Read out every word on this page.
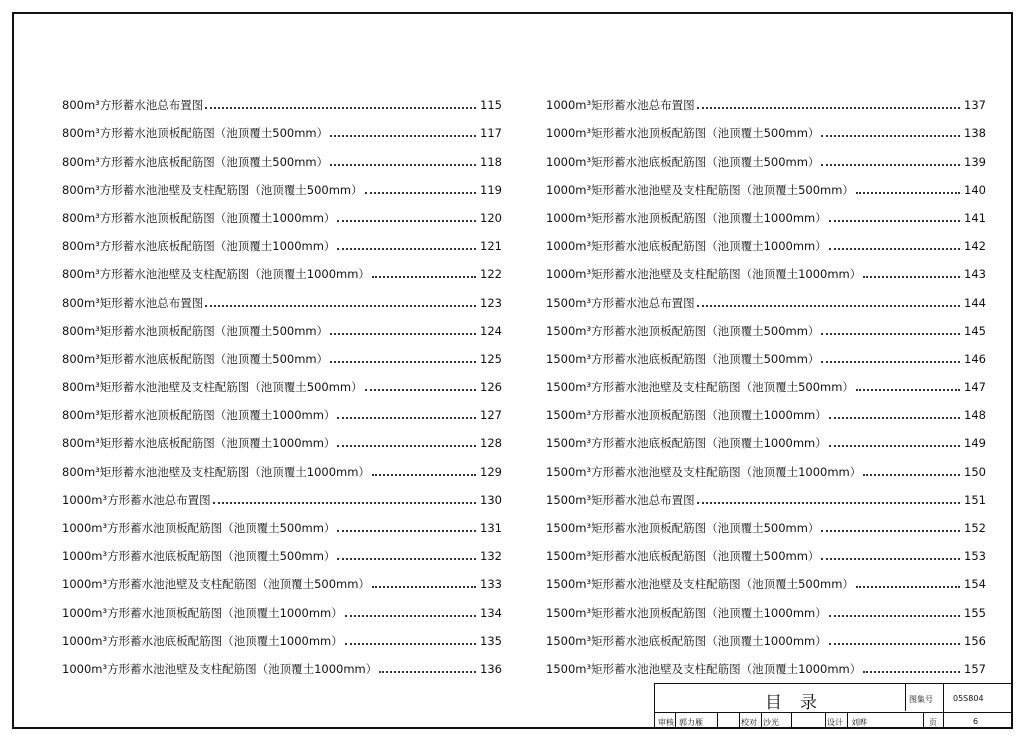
800m³方形蓄水池总布置图	115
800m³方形蓄水池顶板配筋图（池顶覆土500mm）	117
800m³方形蓄水池底板配筋图（池顶覆土500mm）	118
800m³方形蓄水池池壁及支柱配筋图（池顶覆土500mm）	119
800m³方形蓄水池顶板配筋图（池顶覆土1000mm）	120
800m³方形蓄水池底板配筋图（池顶覆土1000mm）	121
800m³方形蓄水池池壁及支柱配筋图（池顶覆土1000mm）	122
800m³矩形蓄水池总布置图	123
800m³矩形蓄水池顶板配筋图（池顶覆土500mm）	124
800m³矩形蓄水池底板配筋图（池顶覆土500mm）	125
800m³矩形蓄水池池壁及支柱配筋图（池顶覆土500mm）	126
800m³矩形蓄水池顶板配筋图（池顶覆土1000mm）	127
800m³矩形蓄水池底板配筋图（池顶覆土1000mm）	128
800m³矩形蓄水池池壁及支柱配筋图（池顶覆土1000mm）	129
1000m³方形蓄水池总布置图	130
1000m³方形蓄水池顶板配筋图（池顶覆土500mm）	131
1000m³方形蓄水池底板配筋图（池顶覆土500mm）	132
1000m³方形蓄水池池壁及支柱配筋图（池顶覆土500mm）	133
1000m³方形蓄水池顶板配筋图（池顶覆土1000mm）	134
1000m³方形蓄水池底板配筋图（池顶覆土1000mm）	135
1000m³方形蓄水池池壁及支柱配筋图（池顶覆土1000mm）	136
1000m³矩形蓄水池总布置图	137
1000m³矩形蓄水池顶板配筋图（池顶覆土500mm）	138
1000m³矩形蓄水池底板配筋图（池顶覆土500mm）	139
1000m³矩形蓄水池池壁及支柱配筋图（池顶覆土500mm）	140
1000m³矩形蓄水池顶板配筋图（池顶覆土1000mm）	141
1000m³矩形蓄水池底板配筋图（池顶覆土1000mm）	142
1000m³矩形蓄水池池壁及支柱配筋图（池顶覆土1000mm）	143
1500m³方形蓄水池总布置图	144
1500m³方形蓄水池顶板配筋图（池顶覆土500mm）	145
1500m³方形蓄水池底板配筋图（池顶覆土500mm）	146
1500m³方形蓄水池池壁及支柱配筋图（池顶覆土500mm）	147
1500m³方形蓄水池顶板配筋图（池顶覆土1000mm）	148
1500m³方形蓄水池底板配筋图（池顶覆土1000mm）	149
1500m³方形蓄水池池壁及支柱配筋图（池顶覆土1000mm）	150
1500m³矩形蓄水池总布置图	151
1500m³矩形蓄水池顶板配筋图（池顶覆土500mm）	152
1500m³矩形蓄水池底板配筋图（池顶覆土500mm）	153
1500m³矩形蓄水池池壁及支柱配筋图（池顶覆土500mm）	154
1500m³矩形蓄水池顶板配筋图（池顶覆土1000mm）	155
1500m³矩形蓄水池底板配筋图（池顶覆土1000mm）	156
1500m³矩形蓄水池池壁及支柱配筋图（池顶覆土1000mm）	157
目录	图集号	05S804
审核 郭力雁	校对 沙光	设计 刘晔	页	6
